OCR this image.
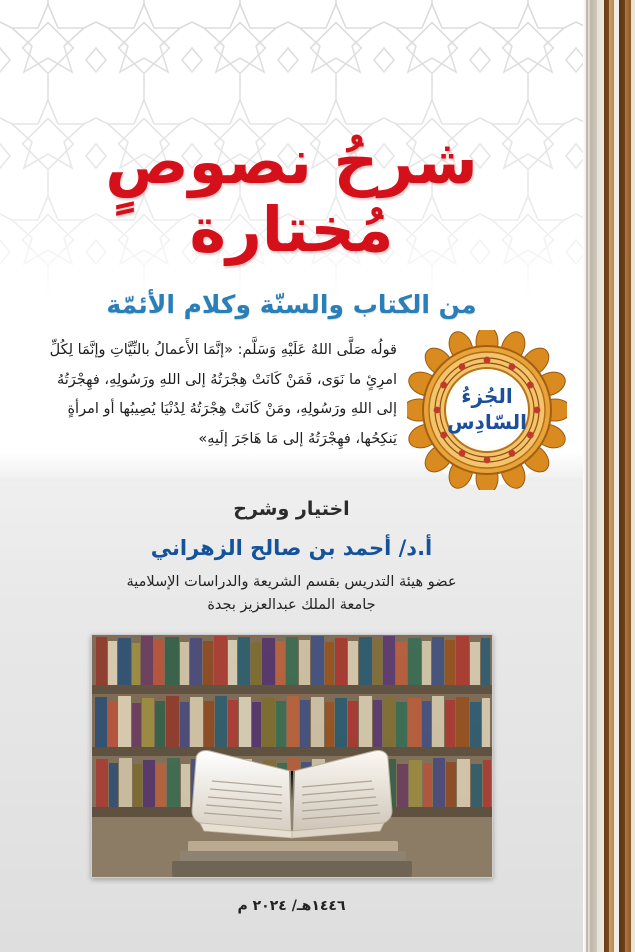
شرحُ نصوصٍ مُختارة
من الكتاب والسنّة وكلام الأئمّة
قولُه صَلَّى اللهُ عَلَيْهِ وَسَلَّم: «إنَّمَا الأَعمالُ بالنِّيَّاتِ وإنَّمَا لِكُلِّ امرِئٍ ما نَوَى، فَمَنْ كَانَتْ هِجْرَتُهُ إلى اللهِ ورَسُولِهِ، فهِجْرَتُهُ إلى اللهِ ورَسُولِهِ، ومَنْ كَانَتْ هِجْرَتُهُ لِدُنْيَا يُصِيبُها أو امرأةٍ يَنكِحُها، فهِجْرَتُهُ إلى مَا هَاجَرَ إلَيهِ»
الجُزءُ
السّادِس
اختيار وشرح
أ.د/ أحمد بن صالح الزهراني
عضو هيئة التدريس بقسم الشريعة والدراسات الإسلامية
جامعة الملك عبدالعزيز بجدة
١٤٤٦هـ/ ٢٠٢٤ م
